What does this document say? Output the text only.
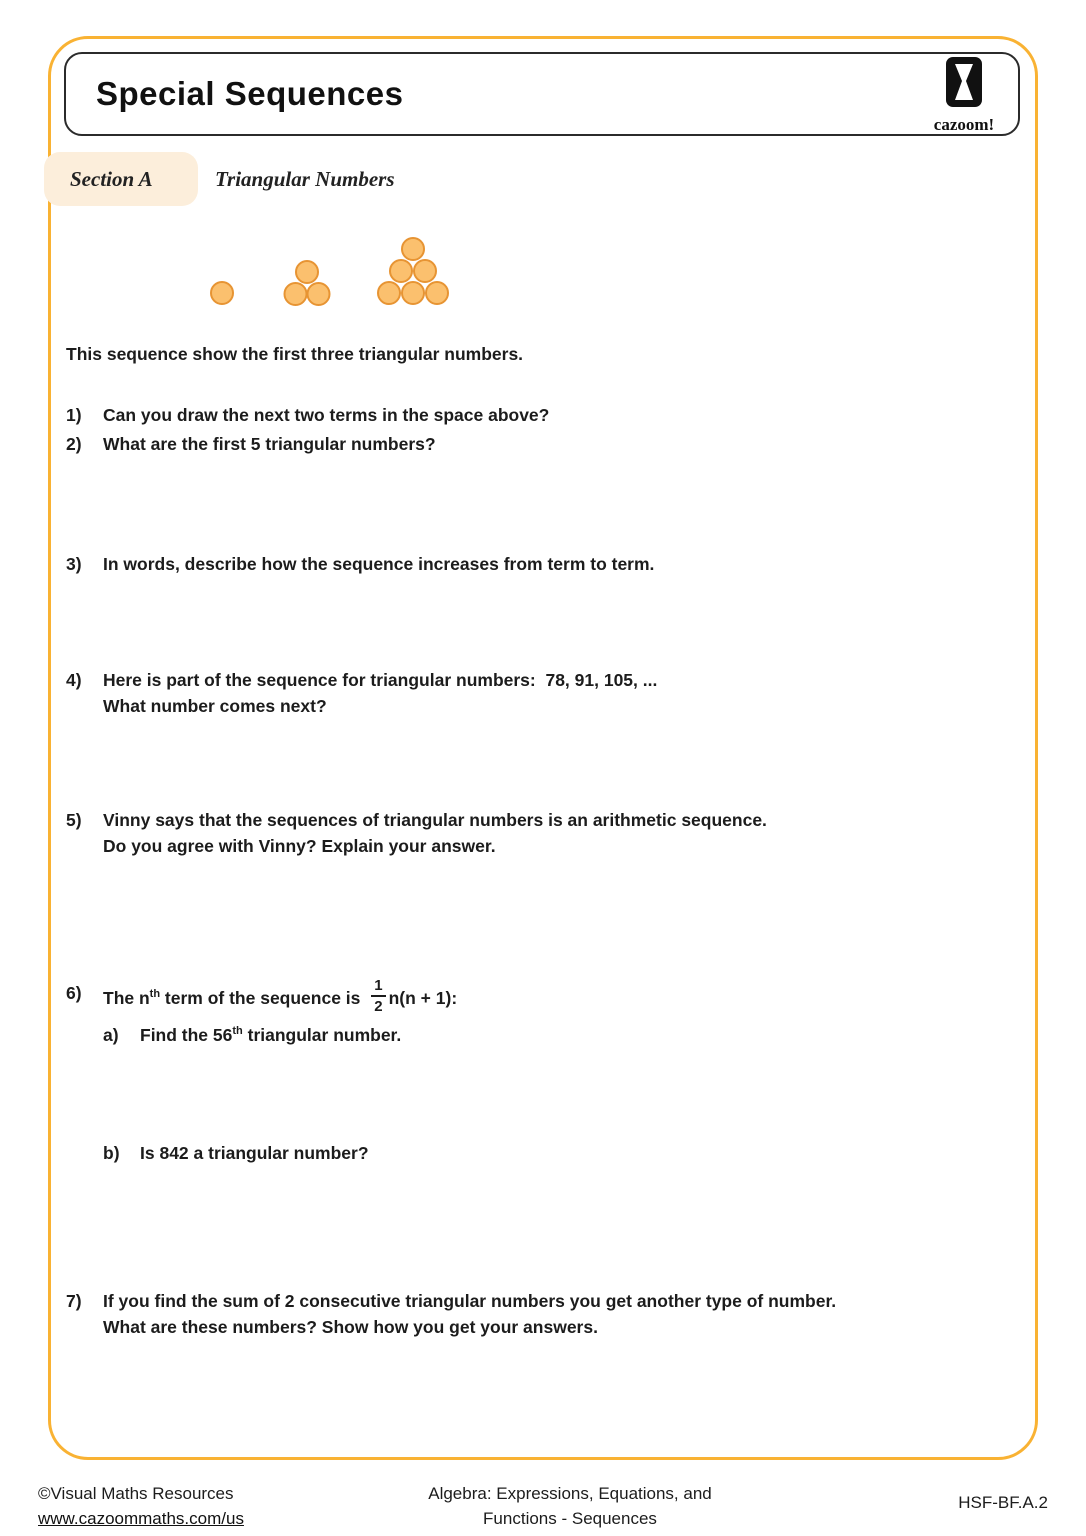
Special Sequences
cazoom!
Section A	Triangular Numbers
This sequence show the first three triangular numbers.
1)	Can you draw the next two terms in the space above?
2)	What are the first 5 triangular numbers?
3)	In words, describe how the sequence increases from term to term.
4)	Here is part of the sequence for triangular numbers:  78, 91, 105, ...
What number comes next?
5)	Vinny says that the sequences of triangular numbers is an arithmetic sequence.
Do you agree with Vinny? Explain your answer.
6)	The $n^{th}$ term of the sequence is $\frac{1}{2} n(n + 1)$:
a)	Find the 56th triangular number.
b)	Is 842 a triangular number?
7)	If you find the sum of 2 consecutive triangular numbers you get another type of number.
What are these numbers? Show how you get your answers.
©Visual Maths Resources
www.cazoommaths.com/us
Algebra: Expressions, Equations, and
Functions - Sequences
HSF-BF.A.2
